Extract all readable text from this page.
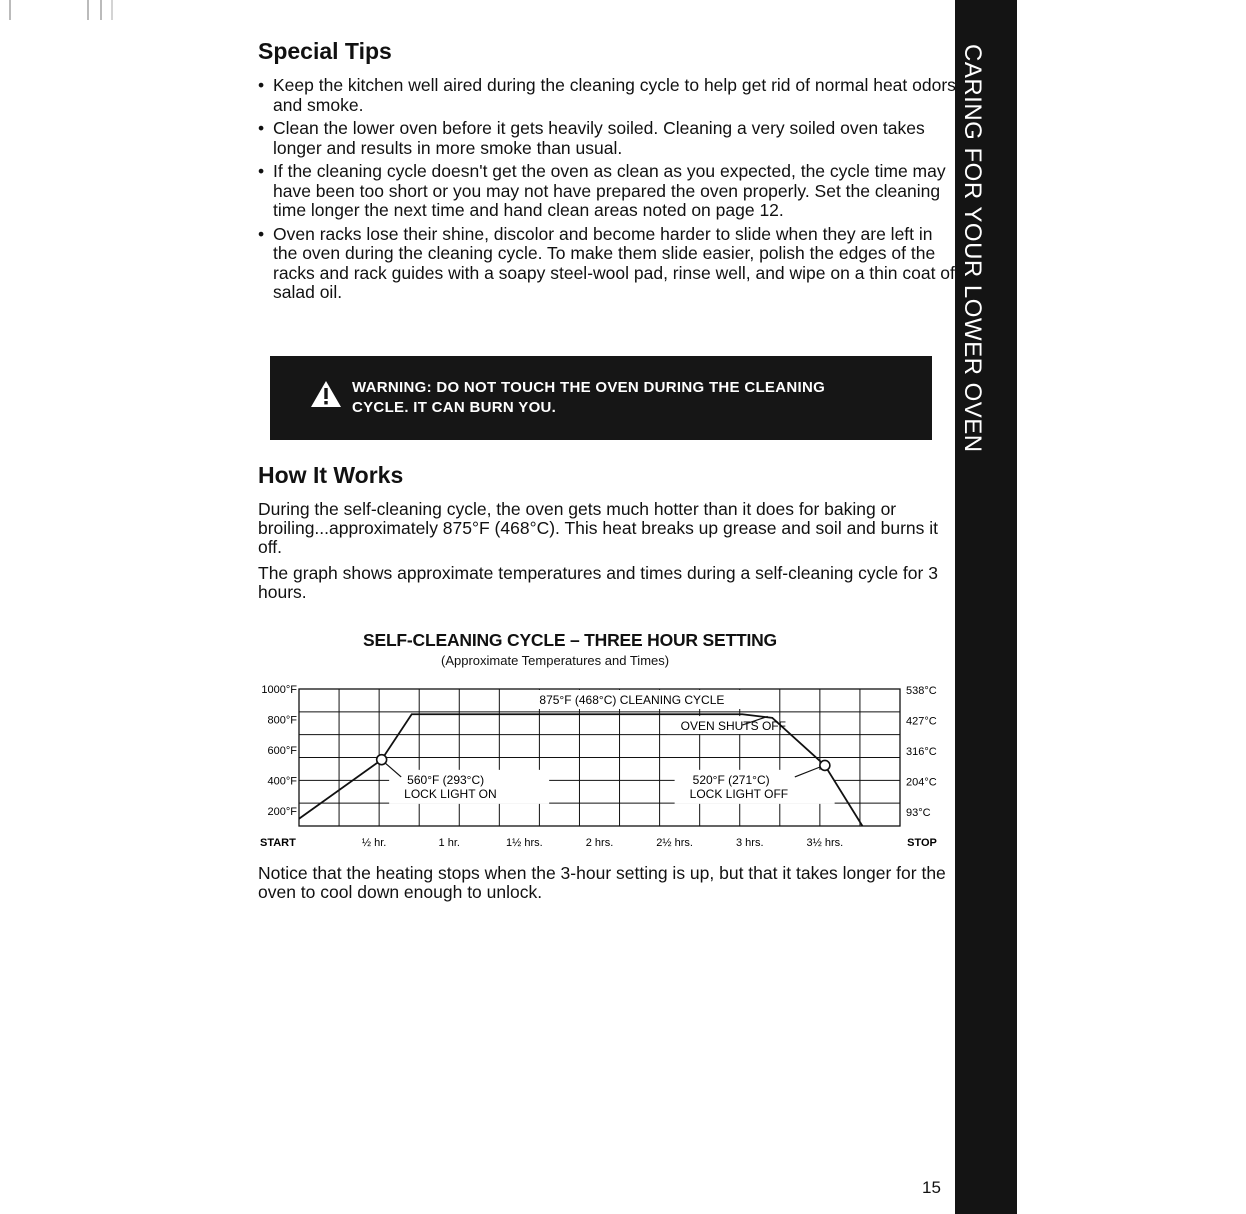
CARING FOR YOUR LOWER OVEN
Special Tips
• Keep the kitchen well aired during the cleaning cycle to help get rid of normal heat odors and smoke.
• Clean the lower oven before it gets heavily soiled. Cleaning a very soiled oven takes longer and results in more smoke than usual.
• If the cleaning cycle doesn't get the oven as clean as you expected, the cycle time may have been too short or you may not have prepared the oven properly. Set the cleaning time longer the next time and hand clean areas noted on page 12.
• Oven racks lose their shine, discolor and become harder to slide when they are left in the oven during the cleaning cycle. To make them slide easier, polish the edges of the racks and rack guides with a soapy steel-wool pad, rinse well, and wipe on a thin coat of salad oil.
WARNING: DO NOT TOUCH THE OVEN DURING THE CLEANING
CYCLE. IT CAN BURN YOU.
How It Works

During the self-cleaning cycle, the oven gets much hotter than it does for baking or broiling...approximately 875°F (468°C). This heat breaks up grease and soil and burns it off.

The graph shows approximate temperatures and times during a self-cleaning cycle for 3 hours.

SELF-CLEANING CYCLE – THREE HOUR SETTING
(Approximate Temperatures and Times)
1000°F
800°F
600°F
400°F
200°F
538°C
427°C
316°C
204°C
93°C
START	½ hr.	1 hr.	1½ hrs.	2 hrs.	2½ hrs.	3 hrs.	3½ hrs.	STOP
875°F (468°C) CLEANING CYCLE
OVEN SHUTS OFF
560°F (293°C)
LOCK LIGHT ON
520°F (271°C)
LOCK LIGHT OFF

Notice that the heating stops when the 3-hour setting is up, but that it takes longer for the oven to cool down enough to unlock.

15
